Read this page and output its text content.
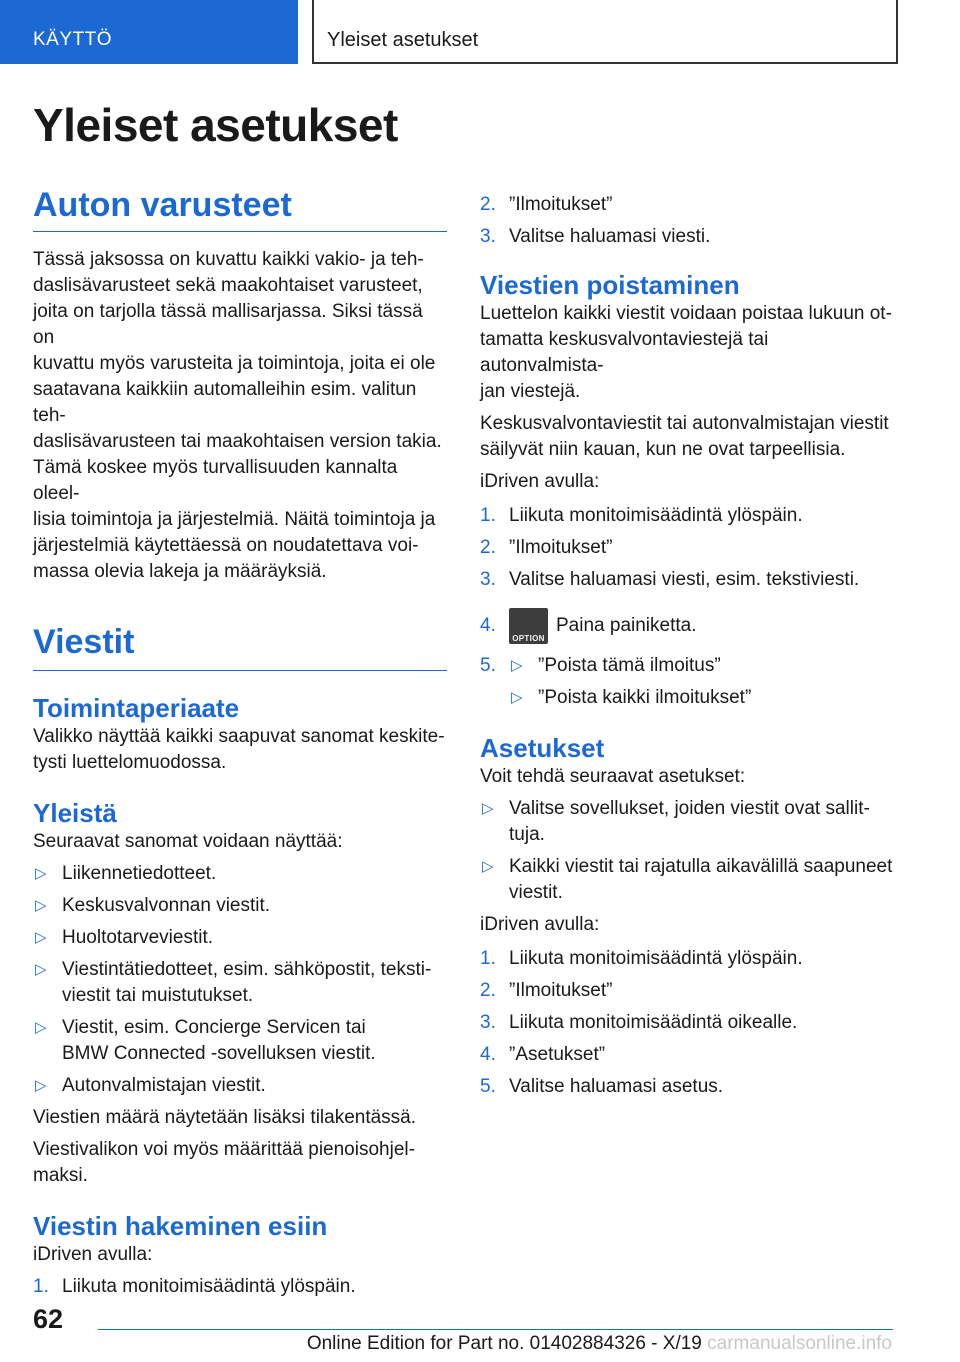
KÄYTTÖ	Yleiset asetukset
Yleiset asetukset
Auton varusteet

Tässä jaksossa on kuvattu kaikki vakio- ja teh-

daslisävarusteet sekä maakohtaiset varusteet,

joita on tarjolla tässä mallisarjassa. Siksi tässä on

kuvattu myös varusteita ja toimintoja, joita ei ole

saatavana kaikkiin automalleihin esim. valitun teh-

daslisävarusteen tai maakohtaisen version takia.

Tämä koskee myös turvallisuuden kannalta oleel-

lisia toimintoja ja järjestelmiä. Näitä toimintoja ja

järjestelmiä käytettäessä on noudatettava voi-

massa olevia lakeja ja määräyksiä.

Viestit
Toimintaperiaate

Valikko näyttää kaikki saapuvat sanomat keskite-

tysti luettelomuodossa.

Yleistä

Seuraavat sanomat voidaan näyttää:

▷ Liikennetiedotteet.
▷ Keskusvalvonnan viestit.
▷ Huoltotarveviestit.
▷ Viestintätiedotteet, esim. sähköpostit, teksti-
viestit tai muistutukset.
▷ Viestit, esim. Concierge Servicen tai
BMW Connected -sovelluksen viestit.
▷ Autonvalmistajan viestit.

Viestien määrä näytetään lisäksi tilakentässä.

Viestivalikon voi myös määrittää pienoisohjel-

maksi.

Viestin hakeminen esiin

iDriven avulla:

1. Liikuta monitoimisäädintä ylöspäin.
2. ”Ilmoitukset”
3. Valitse haluamasi viesti.
Viestien poistaminen

Luettelon kaikki viestit voidaan poistaa lukuun ot-

tamatta keskusvalvontaviestejä tai autonvalmista-

jan viestejä.

Keskusvalvontaviestit tai autonvalmistajan viestit

säilyvät niin kauan, kun ne ovat tarpeellisia.

iDriven avulla:

1. Liikuta monitoimisäädintä ylöspäin.
2. ”Ilmoitukset”
3. Valitse haluamasi viesti, esim. tekstiviesti.
4.
OPTION
Paina painiketta.
5. ▷ ”Poista tämä ilmoitus”
▷ ”Poista kaikki ilmoitukset”
Asetukset

Voit tehdä seuraavat asetukset:

▷ Valitse sovellukset, joiden viestit ovat sallit-
tuja.
▷ Kaikki viestit tai rajatulla aikavälillä saapuneet
viestit.

iDriven avulla:

1. Liikuta monitoimisäädintä ylöspäin.
2. ”Ilmoitukset”
3. Liikuta monitoimisäädintä oikealle.
4. ”Asetukset”
5. Valitse haluamasi asetus.
62
Online Edition for Part no. 01402884326 - X/19 carmanualsonline.info
